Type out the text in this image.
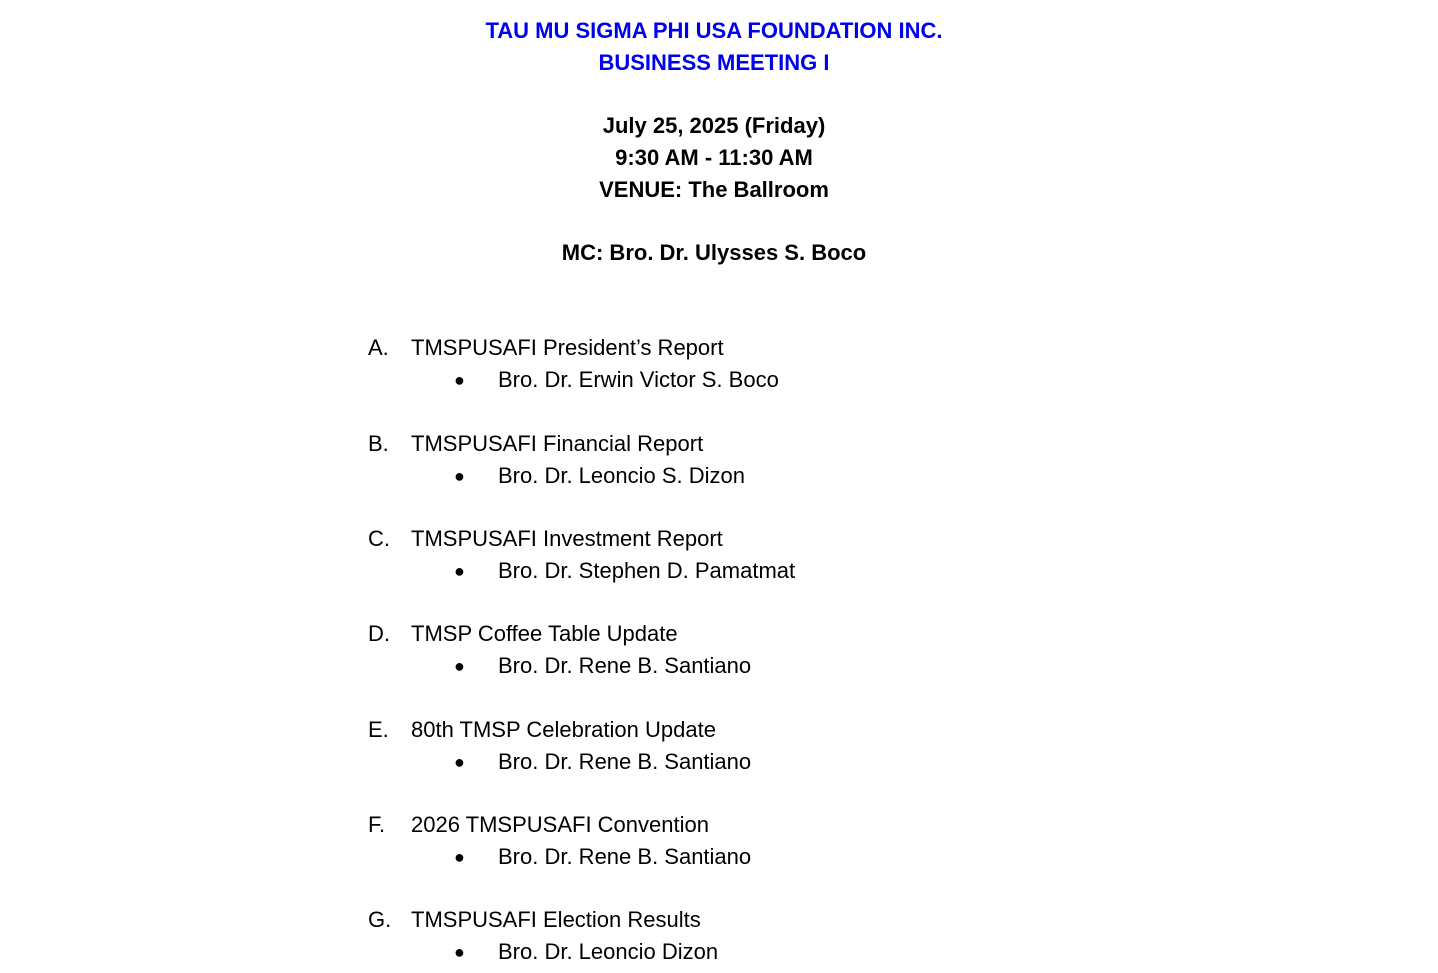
TAU MU SIGMA PHI USA FOUNDATION INC.
BUSINESS MEETING I
July 25, 2025 (Friday)
9:30 AM - 11:30 AM
VENUE: The Ballroom
MC: Bro. Dr. Ulysses S. Boco
A. TMSPUSAFI President’s Report
● Bro. Dr. Erwin Victor S. Boco
B. TMSPUSAFI Financial Report
● Bro. Dr. Leoncio S. Dizon
C. TMSPUSAFI Investment Report
● Bro. Dr. Stephen D. Pamatmat
D. TMSP Coffee Table Update
● Bro. Dr. Rene B. Santiano
E. 80th TMSP Celebration Update
● Bro. Dr. Rene B. Santiano
F. 2026 TMSPUSAFI Convention
● Bro. Dr. Rene B. Santiano
G. TMSPUSAFI Election Results
● Bro. Dr. Leoncio Dizon
